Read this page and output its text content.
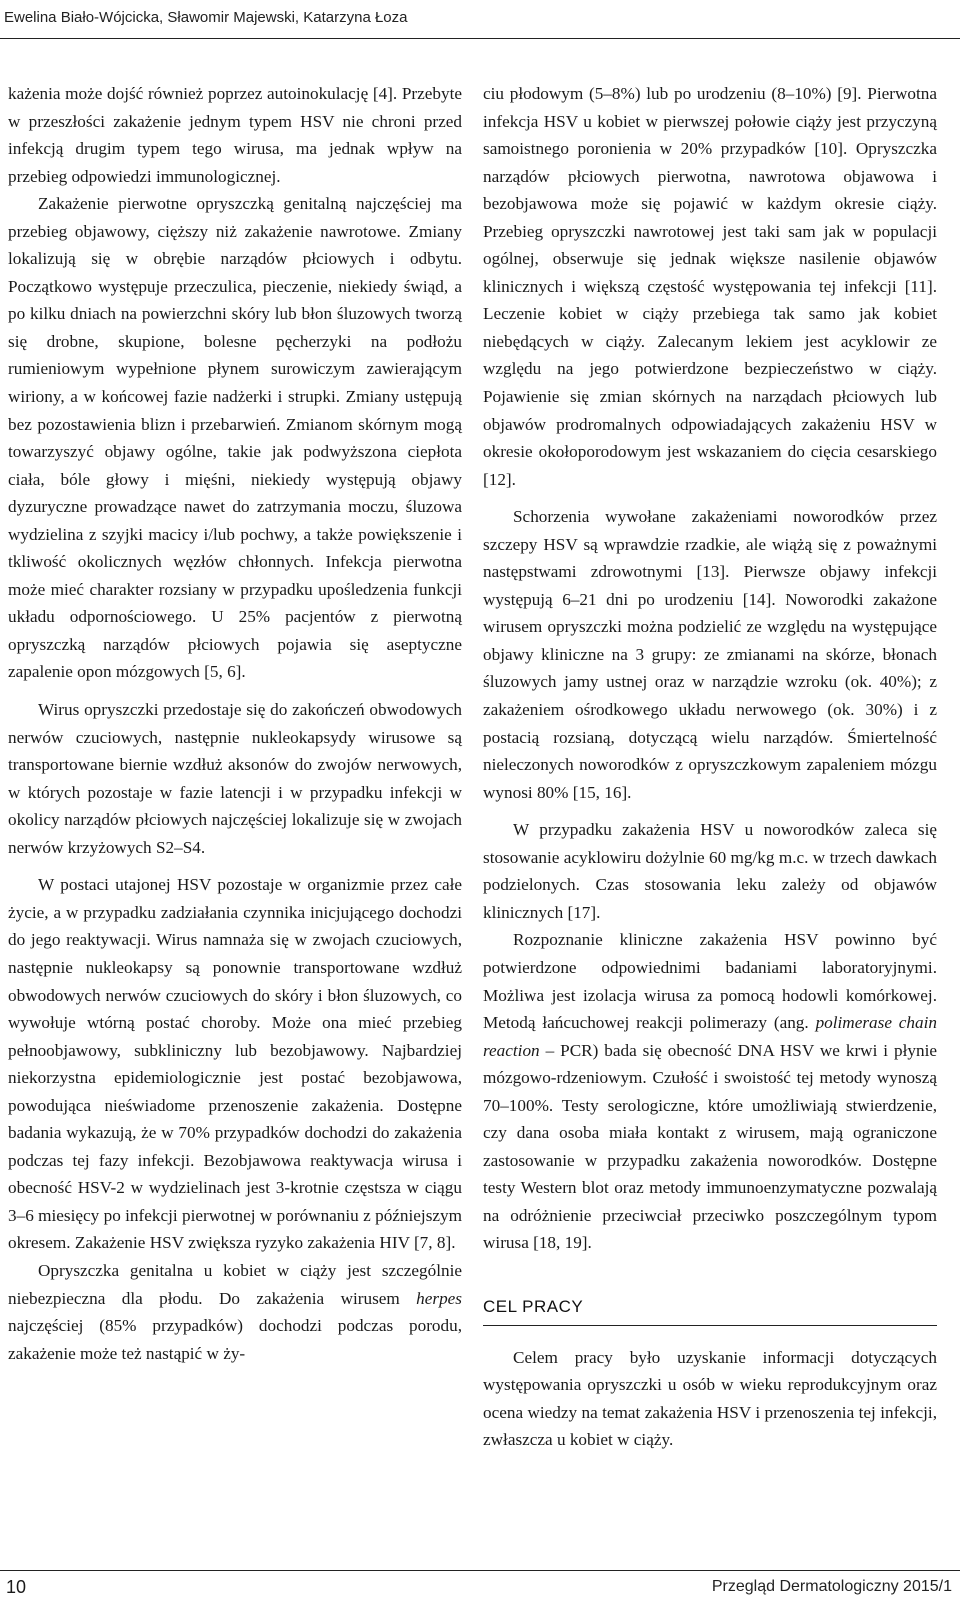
Ewelina Biało-Wójcicka, Sławomir Majewski, Katarzyna Łoza

każenia może dojść również poprzez autoinokulację [4]. Przebyte w przeszłości zakażenie jednym typem HSV nie chroni przed infekcją drugim typem tego wirusa, ma jednak wpływ na przebieg odpowiedzi immunologicznej.

Zakażenie pierwotne opryszczką genitalną najczęściej ma przebieg objawowy, cięższy niż zakażenie nawrotowe. Zmiany lokalizują się w obrębie narządów płciowych i odbytu. Początkowo występuje przeczulica, pieczenie, niekiedy świąd, a po kilku dniach na powierzchni skóry lub błon śluzowych tworzą się drobne, skupione, bolesne pęcherzyki na podłożu rumieniowym wypełnione płynem surowiczym zawierającym wiriony, a w końcowej fazie nadżerki i strupki. Zmiany ustępują bez pozostawienia blizn i przebarwień. Zmianom skórnym mogą towarzyszyć objawy ogólne, takie jak podwyższona ciepłota ciała, bóle głowy i mięśni, niekiedy występują objawy dyzuryczne prowadzące nawet do zatrzymania moczu, śluzowa wydzielina z szyjki macicy i/lub pochwy, a także powiększenie i tkliwość okolicznych węzłów chłonnych. Infekcja pierwotna może mieć charakter rozsiany w przypadku upośledzenia funkcji układu odpornościowego. U 25% pacjentów z pierwotną opryszczką narządów płciowych pojawia się aseptyczne zapalenie opon mózgowych [5, 6].

Wirus opryszczki przedostaje się do zakończeń obwodowych nerwów czuciowych, następnie nukleokapsydy wirusowe są transportowane biernie wzdłuż aksonów do zwojów nerwowych, w których pozostaje w fazie latencji i w przypadku infekcji w okolicy narządów płciowych najczęściej lokalizuje się w zwojach nerwów krzyżowych S2–S4.

W postaci utajonej HSV pozostaje w organizmie przez całe życie, a w przypadku zadziałania czynnika inicjującego dochodzi do jego reaktywacji. Wirus namnaża się w zwojach czuciowych, następnie nukleokapsy są ponownie transportowane wzdłuż obwodowych nerwów czuciowych do skóry i błon śluzowych, co wywołuje wtórną postać choroby. Może ona mieć przebieg pełnoobjawowy, subkliniczny lub bezobjawowy. Najbardziej niekorzystna epidemiologicznie jest postać bezobjawowa, powodująca nieświadome przenoszenie zakażenia. Dostępne badania wykazują, że w 70% przypadków dochodzi do zakażenia podczas tej fazy infekcji. Bezobjawowa reaktywacja wirusa i obecność HSV-2 w wydzielinach jest 3-krotnie częstsza w ciągu 3–6 miesięcy po infekcji pierwotnej w porównaniu z późniejszym okresem. Zakażenie HSV zwiększa ryzyko zakażenia HIV [7, 8].

Opryszczka genitalna u kobiet w ciąży jest szczególnie niebezpieczna dla płodu. Do zakażenia wirusem herpes najczęściej (85% przypadków) dochodzi podczas porodu, zakażenie może też nastąpić w ży-

ciu płodowym (5–8%) lub po urodzeniu (8–10%) [9]. Pierwotna infekcja HSV u kobiet w pierwszej połowie ciąży jest przyczyną samoistnego poronienia w 20% przypadków [10]. Opryszczka narządów płciowych pierwotna, nawrotowa objawowa i bezobjawowa może się pojawić w każdym okresie ciąży. Przebieg opryszczki nawrotowej jest taki sam jak w populacji ogólnej, obserwuje się jednak większe nasilenie objawów klinicznych i większą częstość występowania tej infekcji [11]. Leczenie kobiet w ciąży przebiega tak samo jak kobiet niebędących w ciąży. Zalecanym lekiem jest acyklowir ze względu na jego potwierdzone bezpieczeństwo w ciąży. Pojawienie się zmian skórnych na narządach płciowych lub objawów prodromalnych odpowiadających zakażeniu HSV w okresie okołoporodowym jest wskazaniem do cięcia cesarskiego [12].

Schorzenia wywołane zakażeniami noworodków przez szczepy HSV są wprawdzie rzadkie, ale wiążą się z poważnymi następstwami zdrowotnymi [13]. Pierwsze objawy infekcji występują 6–21 dni po urodzeniu [14]. Noworodki zakażone wirusem opryszczki można podzielić ze względu na występujące objawy kliniczne na 3 grupy: ze zmianami na skórze, błonach śluzowych jamy ustnej oraz w narządzie wzroku (ok. 40%); z zakażeniem ośrodkowego układu nerwowego (ok. 30%) i z postacią rozsianą, dotyczącą wielu narządów. Śmiertelność nieleczonych noworodków z opryszczkowym zapaleniem mózgu wynosi 80% [15, 16].

W przypadku zakażenia HSV u noworodków zaleca się stosowanie acyklowiru dożylnie 60 mg/kg m.c. w trzech dawkach podzielonych. Czas stosowania leku zależy od objawów klinicznych [17].

Rozpoznanie kliniczne zakażenia HSV powinno być potwierdzone odpowiednimi badaniami laboratoryjnymi. Możliwa jest izolacja wirusa za pomocą hodowli komórkowej. Metodą łańcuchowej reakcji polimerazy (ang. polimerase chain reaction – PCR) bada się obecność DNA HSV we krwi i płynie mózgowo-rdzeniowym. Czułość i swoistość tej metody wynoszą 70–100%. Testy serologiczne, które umożliwiają stwierdzenie, czy dana osoba miała kontakt z wirusem, mają ograniczone zastosowanie w przypadku zakażenia noworodków. Dostępne testy Western blot oraz metody immunoenzymatyczne pozwalają na odróżnienie przeciwciał przeciwko poszczególnym typom wirusa [18, 19].

CEL PRACY

Celem pracy było uzyskanie informacji dotyczących występowania opryszczki u osób w wieku reprodukcyjnym oraz ocena wiedzy na temat zakażenia HSV i przenoszenia tej infekcji, zwłaszcza u kobiet w ciąży.

10	Przegląd Dermatologiczny 2015/1
